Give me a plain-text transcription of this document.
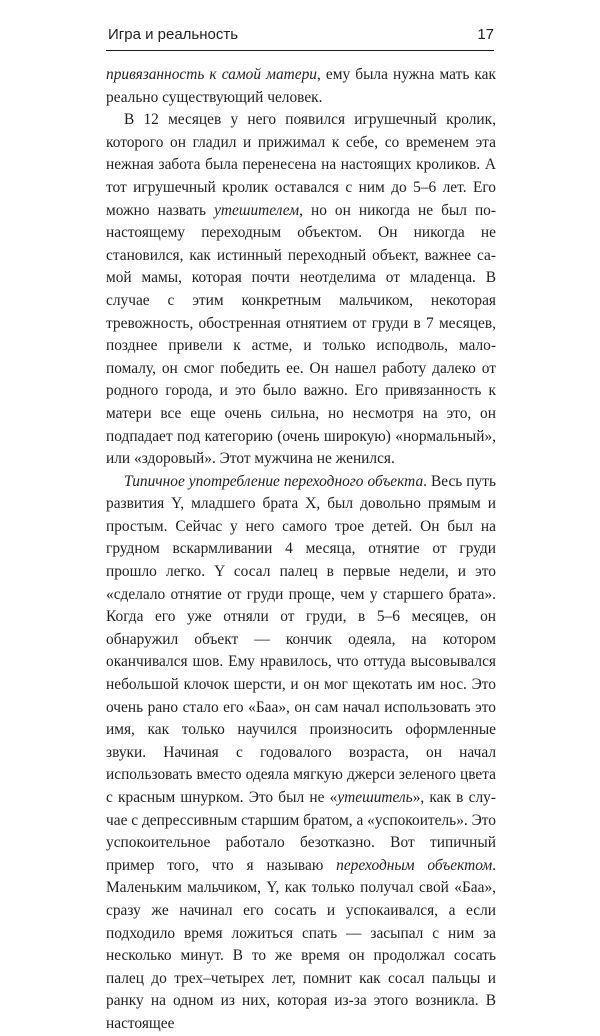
Игра и реальность	17

привязанность к самой матери, ему была нужна мать как реально существующий человек.

В 12 месяцев у него появился игрушечный кролик, которого он гладил и прижимал к себе, со временем эта нежная забота была перенесена на настоящих кроликов. А тот игрушечный кролик оставался с ним до 5–6 лет. Его можно назвать утешителем, но он никогда не был по-настоящему переходным объектом. Он никогда не становился, как истинный переходный объект, важнее самой мамы, которая почти неотделима от младенца. В случае с этим конкретным мальчиком, некоторая тревожность, обостренная отнятием от груди в 7 месяцев, позднее привели к астме, и только исподволь, мало-помалу, он смог победить ее. Он нашел работу далеко от родного города, и это было важно. Его привязанность к матери все еще очень сильна, но несмотря на это, он подпадает под категорию (очень широкую) «нормальный», или «здоровый». Этот мужчина не женился.

Типичное употребление переходного объекта. Весь путь развития Y, младшего брата X, был довольно прямым и простым. Сейчас у него самого трое детей. Он был на грудном вскармливании 4 месяца, отнятие от груди прошло легко. Y сосал палец в первые недели, и это «сделало отнятие от груди проще, чем у старшего брата». Когда его уже отняли от груди, в 5–6 месяцев, он обнаружил объект — кончик одеяла, на котором оканчивался шов. Ему нравилось, что оттуда высовывался небольшой клочок шерсти, и он мог щекотать им нос. Это очень рано стало его «Баа», он сам начал использовать это имя, как только научился произносить оформленные звуки. Начиная с годовалого возраста, он начал использовать вместо одеяла мягкую джерси зеленого цвета с красным шнурком. Это был не «утешитель», как в случае с депрессивным старшим братом, а «успокоитель». Это успокоительное работало безотказно. Вот типичный пример того, что я называю переходным объектом. Маленьким мальчиком, Y, как только получал свой «Баа», сразу же начинал его сосать и успокаивался, а если подходило время ложиться спать — засыпал с ним за несколько минут. В то же время он продолжал сосать палец до трех–четырех лет, помнит как сосал пальцы и ранку на одном из них, которая из-за этого возникла. В настоящее
